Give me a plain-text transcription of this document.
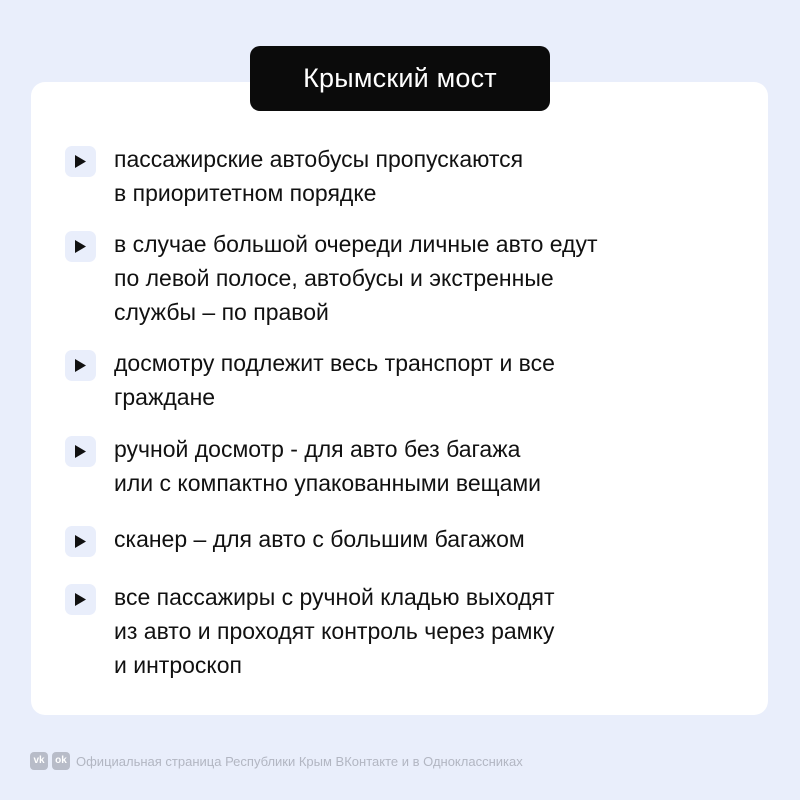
Крымский мост
пассажирские автобусы пропускаются
в приоритетном порядке
в случае большой очереди личные авто едут
по левой полосе, автобусы и экстренные
службы – по правой
досмотру подлежит весь транспорт и все
граждане
ручной досмотр - для авто без багажа
или с компактно упакованными вещами
сканер – для авто с большим багажом
все пассажиры с ручной кладью выходят
из авто и проходят контроль через рамку
и интроскоп
vk	ok Официальная страница Республики Крым ВКонтакте и в Одноклассниках
